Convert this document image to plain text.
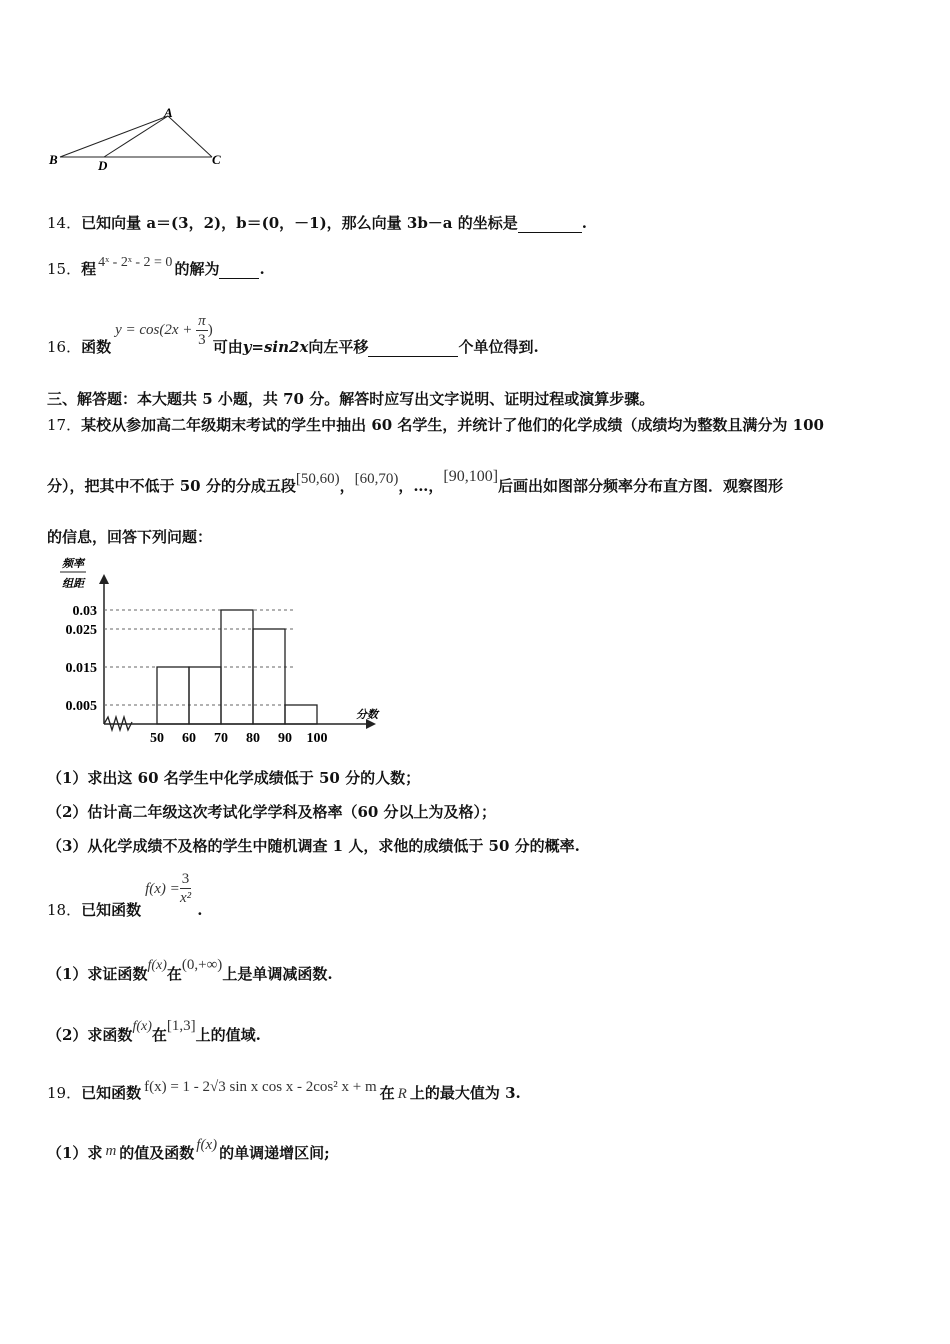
A
B	D	C
14．已知向量 a＝(3，2)，b＝(0，－1)，那么向量 3b－a 的坐标是	.
15．程 4ˣ - 2ˣ - 2 = 0 的解为	.
16．函数$y = \cos(2x + \frac{\pi}{3}$ )可由y=sin2x向左平移	个单位得到.
三、解答题：本大题共 5 小题，共 70 分。解答时应写出文字说明、证明过程或演算步骤。
17．某校从参加高二年级期末考试的学生中抽出 60 名学生，并统计了他们的化学成绩（成绩均为整数且满分为 100
分），把其中不低于 50 分的分成五段[50,60)，[60,70)，…，[90,100]后画出如图部分频率分布直方图．观察图形
的信息，回答下列问题：
频率
组距
分数
0.03
0.025
0.015
0.005
50 60 70 80 90 100
（1）求出这 60 名学生中化学成绩低于 50 分的人数；
（2）估计高二年级这次考试化学学科及格率（60 分以上为及格）；
（3）从化学成绩不及格的学生中随机调查 1 人，求他的成绩低于 50 分的概率.
18．已知函数$f(x) = \frac{3}{\text{x²}}$
.
（1）求证函数f(x)在(0,+∞)上是单调减函数.
（2）求函数f(x)在[1,3]上的值域.
19．已知函数 f(x) = 1 - 2√3 sin x cos x - 2cos² x + m 在 R 上的最大值为 3.
（1）求 m 的值及函数 f(x) 的单调递增区间;
